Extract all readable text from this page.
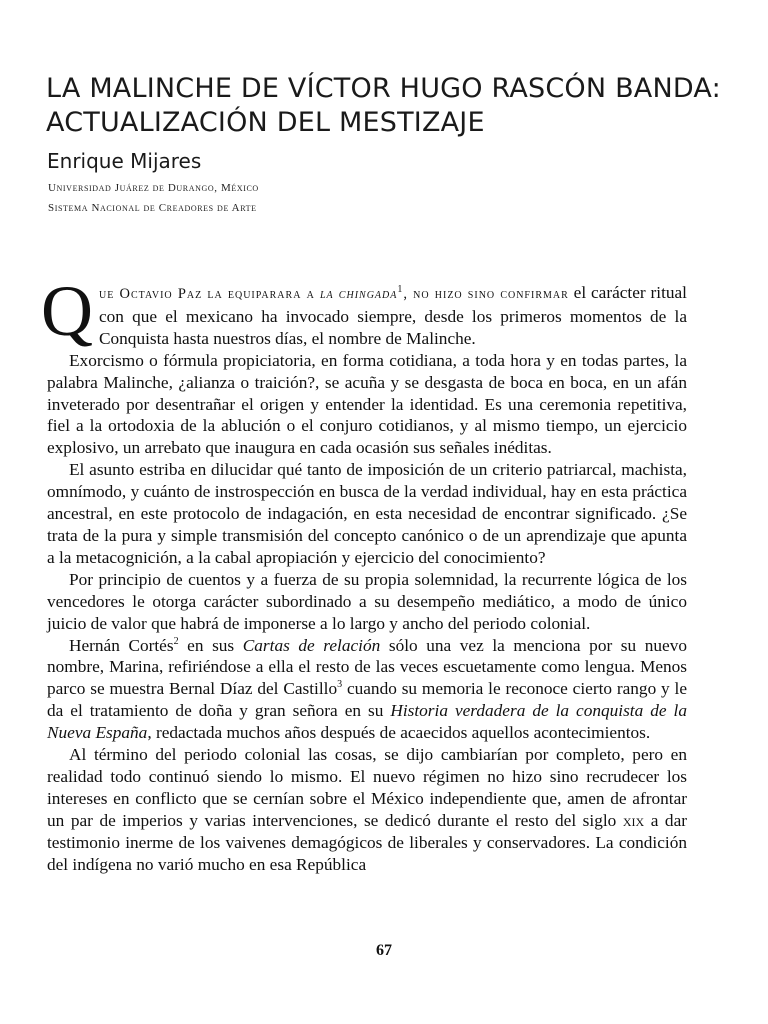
LA MALINCHE DE VÍCTOR HUGO RASCÓN BANDA:
ACTUALIZACIÓN DEL MESTIZAJE
Enrique Mijares
Universidad Juárez de Durango, México
Sistema Nacional de Creadores de Arte

Que Octavio Paz la equiparara a la chingada$^1$, no hizo sino confirmar el carácter ritual con que el mexicano ha invocado siempre, desde los primeros momentos de la Conquista hasta nuestros días, el nombre de Malinche.

Exorcismo o fórmula propiciatoria, en forma cotidiana, a toda hora y en todas partes, la palabra Malinche, ¿alianza o traición?, se acuña y se desgasta de boca en boca, en un afán inveterado por desentrañar el origen y entender la identidad. Es una ceremonia repetitiva, fiel a la ortodoxia de la ablución o el conjuro cotidianos, y al mismo tiempo, un ejercicio explosivo, un arrebato que inaugura en cada ocasión sus señales inéditas.

El asunto estriba en dilucidar qué tanto de imposición de un criterio patriarcal, machista, omnímodo, y cuánto de instrospección en busca de la verdad individual, hay en esta práctica ancestral, en este protocolo de indagación, en esta necesidad de encontrar significado. ¿Se trata de la pura y simple transmisión del concepto canónico o de un aprendizaje que apunta a la metacognición, a la cabal apropiación y ejercicio del conocimiento?

Por principio de cuentos y a fuerza de su propia solemnidad, la recurrente lógica de los vencedores le otorga carácter subordinado a su desempeño mediático, a modo de único juicio de valor que habrá de imponerse a lo largo y ancho del periodo colonial.

Hernán Cortés$^2$ en sus Cartas de relación sólo una vez la menciona por su nuevo nombre, Marina, refiriéndose a ella el resto de las veces escuetamente como lengua. Menos parco se muestra Bernal Díaz del Castillo$^3$ cuando su memoria le reconoce cierto rango y le da el tratamiento de doña y gran señora en su Historia verdadera de la conquista de la Nueva España, redactada muchos años después de acaecidos aquellos acontecimientos.

Al término del periodo colonial las cosas, se dijo cambiarían por completo, pero en realidad todo continuó siendo lo mismo. El nuevo régimen no hizo sino recrudecer los intereses en conflicto que se cernían sobre el México independiente que, amen de afrontar un par de imperios y varias intervenciones, se dedicó durante el resto del siglo xix a dar testimonio inerme de los vaivenes demagógicos de liberales y conservadores. La condición del indígena no varió mucho en esa República

67
